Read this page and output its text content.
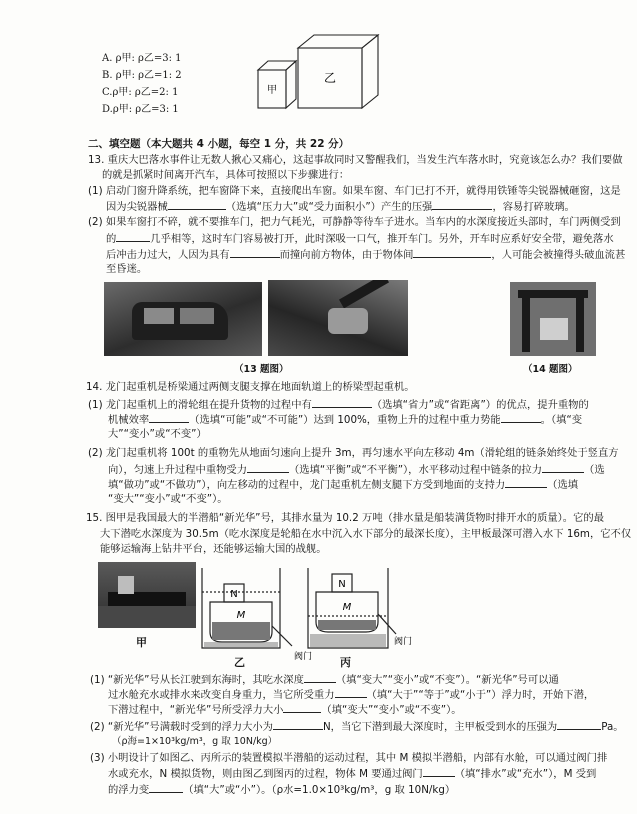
A. ρ甲: ρ乙=3: 1
B. ρ甲: ρ乙=1: 2
C.ρ甲: ρ乙=2: 1
D.ρ甲: ρ乙=3: 1
甲
乙
二、填空题（本大题共 4 小题，每空 1 分，共 22 分）
13. 重庆大巴落水事件让无数人揪心又痛心，这起事故同时又警醒我们，当发生汽车落水时，究竟该怎么办？我们要做
的就是抓紧时间离开汽车，具体可按照以下步骤进行：
(1) 启动门窗升降系统，把车窗降下来，直接爬出车窗。如果车窗、车门已打不开，就得用铁锤等尖锐器械砸窗，这是
因为尖锐器械	（选填“压力大”或“受力面积小”）产生的压强	，容易打碎玻璃。
(2) 如果车窗打不碎，就不要推车门，把力气耗光，可静静等待车子进水。当车内的水深度接近头部时，车门两侧受到
的	几乎相等，这时车门容易被打开，此时深吸一口气，推开车门。另外，开车时应系好安全带，避免落水
后冲击力过大，人因为具有	而撞向前方物体，由于物体间	，人可能会被撞得头破血流甚
至昏迷。
（13 题图）	（14 题图）
14. 龙门起重机是桥梁通过两侧支腿支撑在地面轨道上的桥梁型起重机。
(1) 龙门起重机上的滑轮组在提升货物的过程中有	（选填“省力”或“省距离”）的优点，提升重物的
机械效率	（选填“可能”或“不可能”）达到 100%，重物上升的过程中重力势能	。（填“变
大”“变小”或“不变”）
(2) 龙门起重机将 100t 的重物先从地面匀速向上提升 3m，再匀速水平向左移动 4m（滑轮组的链条始终处于竖直方
向），匀速上升过程中重物受力	（选填“平衡”或“不平衡”），水平移动过程中链条的拉力	（选
填“做功”或“不做功”），向左移动的过程中，龙门起重机左侧支腿下方受到地面的支持力	（选填
“变大”“变小”或“不变”）。
15. 图甲是我国最大的半潜船“新光华”号，其排水量为 10.2 万吨（排水量是船装满货物时排开水的质量）。它的最
大下潜吃水深度为 30.5m（吃水深度是轮船在水中沉入水下部分的最深长度），主甲板最深可潜入水下 16m，它不仅
能够运输海上钻井平台，还能够运输大国的战舰。
甲
N
M
N
M
阀门
阀门
乙	丙
(1) “新光华”号从长江驶到东海时，其吃水深度	（填“变大”“变小”或“不变”）。“新光华”号可以通
过水舱充水或排水来改变自身重力，当它所受重力	（填“大于”“等于”或“小于”）浮力时，开始下潜，
下潜过程中，“新光华”号所受浮力大小	（填“变大”“变小”或“不变”）。
(2) “新光华”号满载时受到的浮力大小为	N，当它下潜到最大深度时，主甲板受到水的压强为	Pa。
（ρ海=1×10³kg/m³，g 取 10N/kg）
(3) 小明设计了如图乙、丙所示的装置模拟半潜船的运动过程，其中 M 模拟半潜船，内部有水舱，可以通过阀门排
水或充水，N 模拟货物，则由图乙到图丙的过程，物体 M 要通过阀门	（填“排水”或“充水”），M 受到
的浮力变	（填“大”或“小”）。（ρ水=1.0×10³kg/m³，g 取 10N/kg）
